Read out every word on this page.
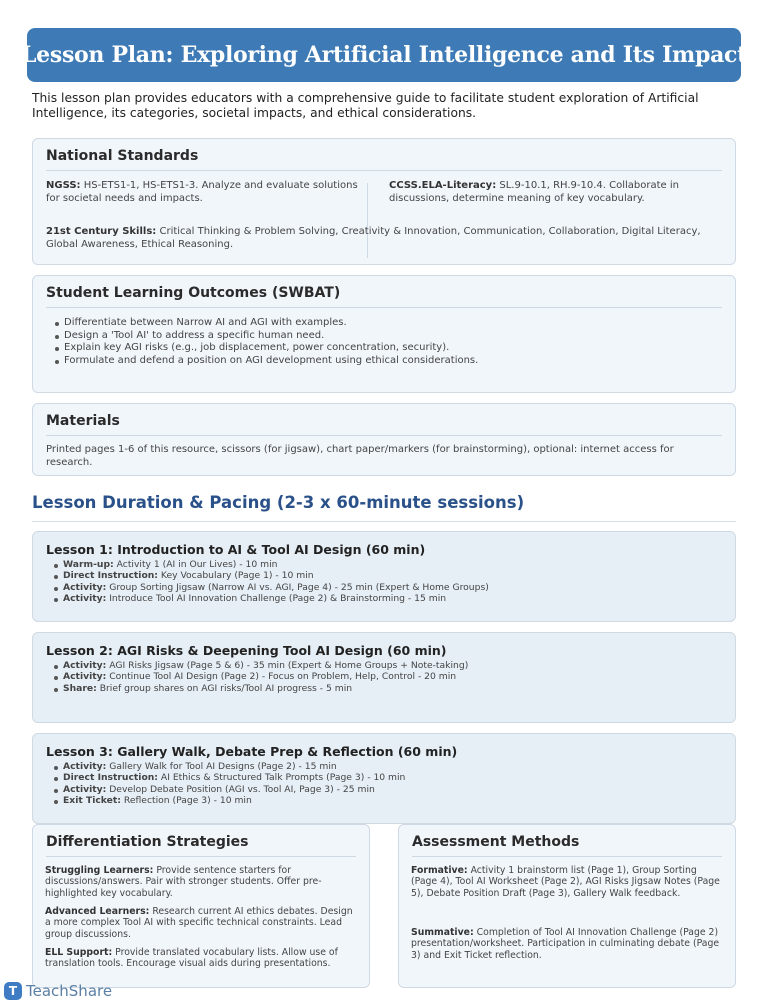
Lesson Plan: Exploring Artificial Intelligence and Its Impact

This lesson plan provides educators with a comprehensive guide to facilitate student exploration of Artificial Intelligence, its categories, societal impacts, and ethical considerations.

National Standards

NGSS: HS-ETS1-1, HS-ETS1-3. Analyze and evaluate solutions for societal needs and impacts.

CCSS.ELA-Literacy: SL.9-10.1, RH.9-10.4. Collaborate in discussions, determine meaning of key vocabulary.

21st Century Skills: Critical Thinking & Problem Solving, Creativity & Innovation, Communication, Collaboration, Digital Literacy, Global Awareness, Ethical Reasoning.

Student Learning Outcomes (SWBAT)
Differentiate between Narrow AI and AGI with examples.
Design a 'Tool AI' to address a specific human need.
Explain key AGI risks (e.g., job displacement, power concentration, security).
Formulate and defend a position on AGI development using ethical considerations.
Materials

Printed pages 1-6 of this resource, scissors (for jigsaw), chart paper/markers (for brainstorming), optional: internet access for research.

Lesson Duration & Pacing (2-3 x 60-minute sessions)
Lesson 1: Introduction to AI & Tool AI Design (60 min)
Warm-up: Activity 1 (AI in Our Lives) - 10 min
Direct Instruction: Key Vocabulary (Page 1) - 10 min
Activity: Group Sorting Jigsaw (Narrow AI vs. AGI, Page 4) - 25 min (Expert & Home Groups)
Activity: Introduce Tool AI Innovation Challenge (Page 2) & Brainstorming - 15 min
Lesson 2: AGI Risks & Deepening Tool AI Design (60 min)
Activity: AGI Risks Jigsaw (Page 5 & 6) - 35 min (Expert & Home Groups + Note-taking)
Activity: Continue Tool AI Design (Page 2) - Focus on Problem, Help, Control - 20 min
Share: Brief group shares on AGI risks/Tool AI progress - 5 min
Lesson 3: Gallery Walk, Debate Prep & Reflection (60 min)
Activity: Gallery Walk for Tool AI Designs (Page 2) - 15 min
Direct Instruction: AI Ethics & Structured Talk Prompts (Page 3) - 10 min
Activity: Develop Debate Position (AGI vs. Tool AI, Page 3) - 25 min
Exit Ticket: Reflection (Page 3) - 10 min
Differentiation Strategies

Struggling Learners: Provide sentence starters for discussions/answers. Pair with stronger students. Offer pre-highlighted key vocabulary.

Advanced Learners: Research current AI ethics debates. Design a more complex Tool AI with specific technical constraints. Lead group discussions.

ELL Support: Provide translated vocabulary lists. Allow use of translation tools. Encourage visual aids during presentations.

Assessment Methods

Formative: Activity 1 brainstorm list (Page 1), Group Sorting (Page 4), Tool AI Worksheet (Page 2), AGI Risks Jigsaw Notes (Page 5), Debate Position Draft (Page 3), Gallery Walk feedback.

Summative: Completion of Tool AI Innovation Challenge (Page 2) presentation/worksheet. Participation in culminating debate (Page 3) and Exit Ticket reflection.

T TeachShare
